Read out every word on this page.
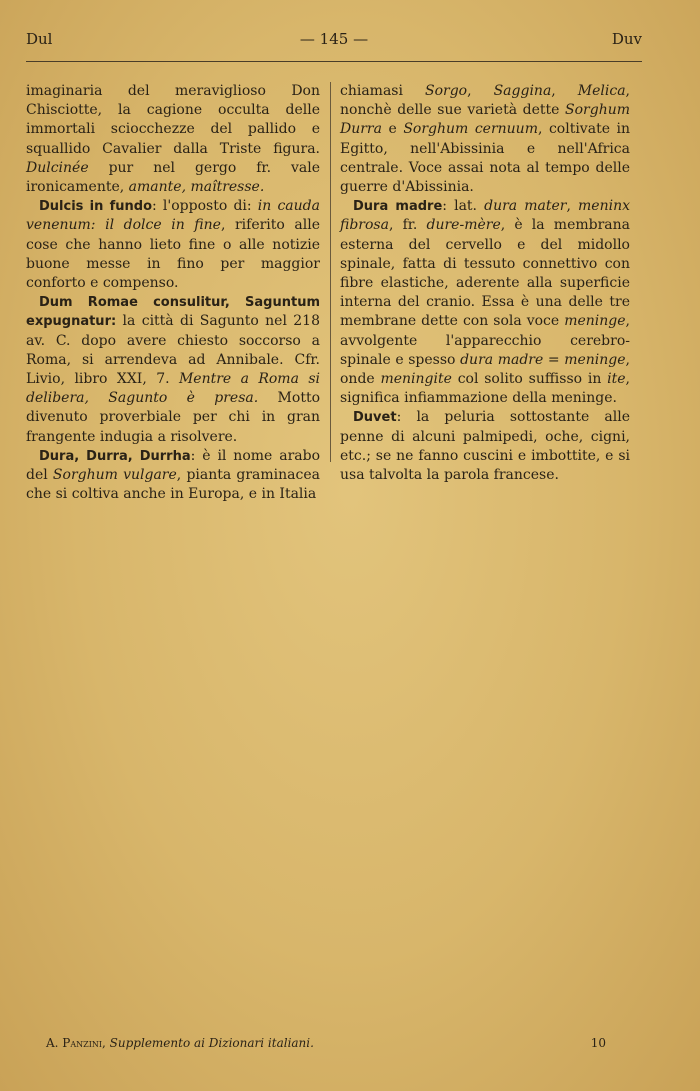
Dul	— 145 —	Duv

imaginaria del meraviglioso Don Chisciotte, la cagione occulta delle immortali sciocchezze del pallido e squallido Cavalier dalla Triste figura. Dulcinée pur nel gergo fr. vale ironicamente, amante, maîtresse.

Dulcis in fundo: l'opposto di: in cauda venenum: il dolce in fine, riferito alle cose che hanno lieto fine o alle notizie buone messe in fino per maggior conforto e compenso.

Dum Romae consulitur, Saguntum expugnatur: la città di Sagunto nel 218 av. C. dopo avere chiesto soccorso a Roma, si arrendeva ad Annibale. Cfr. Livio, libro XXI, 7. Mentre a Roma si delibera, Sagunto è presa. Motto divenuto proverbiale per chi in gran frangente indugia a risolvere.

Dura, Durra, Durrha: è il nome arabo del Sorghum vulgare, pianta graminacea che si coltiva anche in Europa, e in Italia

chiamasi Sorgo, Saggina, Melica, nonchè delle sue varietà dette Sorghum Durra e Sorghum cernuum, coltivate in Egitto, nell'Abissinia e nell'Africa centrale. Voce assai nota al tempo delle guerre d'Abissinia.

Dura madre: lat. dura mater, meninx fibrosa, fr. dure-mère, è la membrana esterna del cervello e del midollo spinale, fatta di tessuto connettivo con fibre elastiche, aderente alla superficie interna del cranio. Essa è una delle tre membrane dette con sola voce meninge, avvolgente l'apparecchio cerebro-spinale e spesso dura madre = meninge, onde meningite col solito suffisso in ite, significa infiammazione della meninge.

Duvet: la peluria sottostante alle penne di alcuni palmipedi, oche, cigni, etc.; se ne fanno cuscini e imbottite, e si usa talvolta la parola francese.

A. Panzini, Supplemento ai Dizionari italiani.	10
